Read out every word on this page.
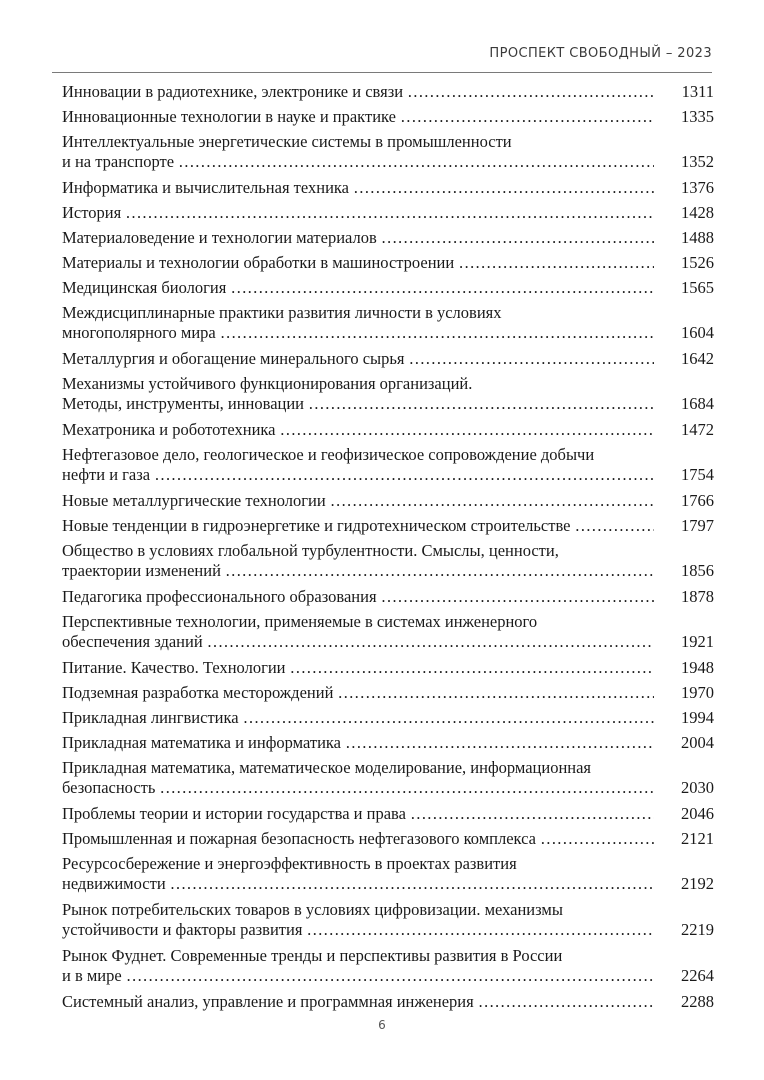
ПРОСПЕКТ СВОБОДНЫЙ – 2023
Инновации в радиотехнике, электронике и связи ……………………………………………………………………………………………………………………………………………………………………………………	1311
Инновационные технологии в науке и практике ……………………………………………………………………………………………………………………………………………………………………………………	1335
Интеллектуальные энергетические системы в промышленности
и на транспорте ……………………………………………………………………………………………………………………………………………………………………………………	1352
Информатика и вычислительная техника ……………………………………………………………………………………………………………………………………………………………………………………	1376
История ……………………………………………………………………………………………………………………………………………………………………………………	1428
Материаловедение и технологии материалов ……………………………………………………………………………………………………………………………………………………………………………………	1488
Материалы и технологии обработки в машиностроении ……………………………………………………………………………………………………………………………………………………………………………………	1526
Медицинская биология ……………………………………………………………………………………………………………………………………………………………………………………	1565
Междисциплинарные практики развития личности в условиях
многополярного мира ……………………………………………………………………………………………………………………………………………………………………………………	1604
Металлургия и обогащение минерального сырья ……………………………………………………………………………………………………………………………………………………………………………………	1642
Механизмы устойчивого функционирования организаций.
Методы, инструменты, инновации ……………………………………………………………………………………………………………………………………………………………………………………	1684
Мехатроника и робототехника ……………………………………………………………………………………………………………………………………………………………………………………	1472
Нефтегазовое дело, геологическое и геофизическое сопровождение добычи
нефти и газа ……………………………………………………………………………………………………………………………………………………………………………………	1754
Новые металлургические технологии ……………………………………………………………………………………………………………………………………………………………………………………	1766
Новые тенденции в гидроэнергетике и гидротехническом строительстве ……………………………………………………………………………………………………………………………………………………………………………………	1797
Общество в условиях глобальной турбулентности. Смыслы, ценности,
траектории изменений ……………………………………………………………………………………………………………………………………………………………………………………	1856
Педагогика профессионального образования ……………………………………………………………………………………………………………………………………………………………………………………	1878
Перспективные технологии, применяемые в системах инженерного
обеспечения зданий ……………………………………………………………………………………………………………………………………………………………………………………	1921
Питание. Качество. Технологии ……………………………………………………………………………………………………………………………………………………………………………………	1948
Подземная разработка месторождений ……………………………………………………………………………………………………………………………………………………………………………………	1970
Прикладная лингвистика ……………………………………………………………………………………………………………………………………………………………………………………	1994
Прикладная математика и информатика ……………………………………………………………………………………………………………………………………………………………………………………	2004
Прикладная математика, математическое моделирование, информационная
безопасность ……………………………………………………………………………………………………………………………………………………………………………………	2030
Проблемы теории и истории государства и права ……………………………………………………………………………………………………………………………………………………………………………………	2046
Промышленная и пожарная безопасность нефтегазового комплекса ……………………………………………………………………………………………………………………………………………………………………………………	2121
Ресурсосбережение и энергоэффективность в проектах развития
недвижимости ……………………………………………………………………………………………………………………………………………………………………………………	2192
Рынок потребительских товаров в условиях цифровизации. механизмы
устойчивости и факторы развития ……………………………………………………………………………………………………………………………………………………………………………………	2219
Рынок Фуднет. Современные тренды и перспективы развития в России
и в мире ……………………………………………………………………………………………………………………………………………………………………………………	2264
Системный анализ, управление и программная инженерия ……………………………………………………………………………………………………………………………………………………………………………………	2288
6
